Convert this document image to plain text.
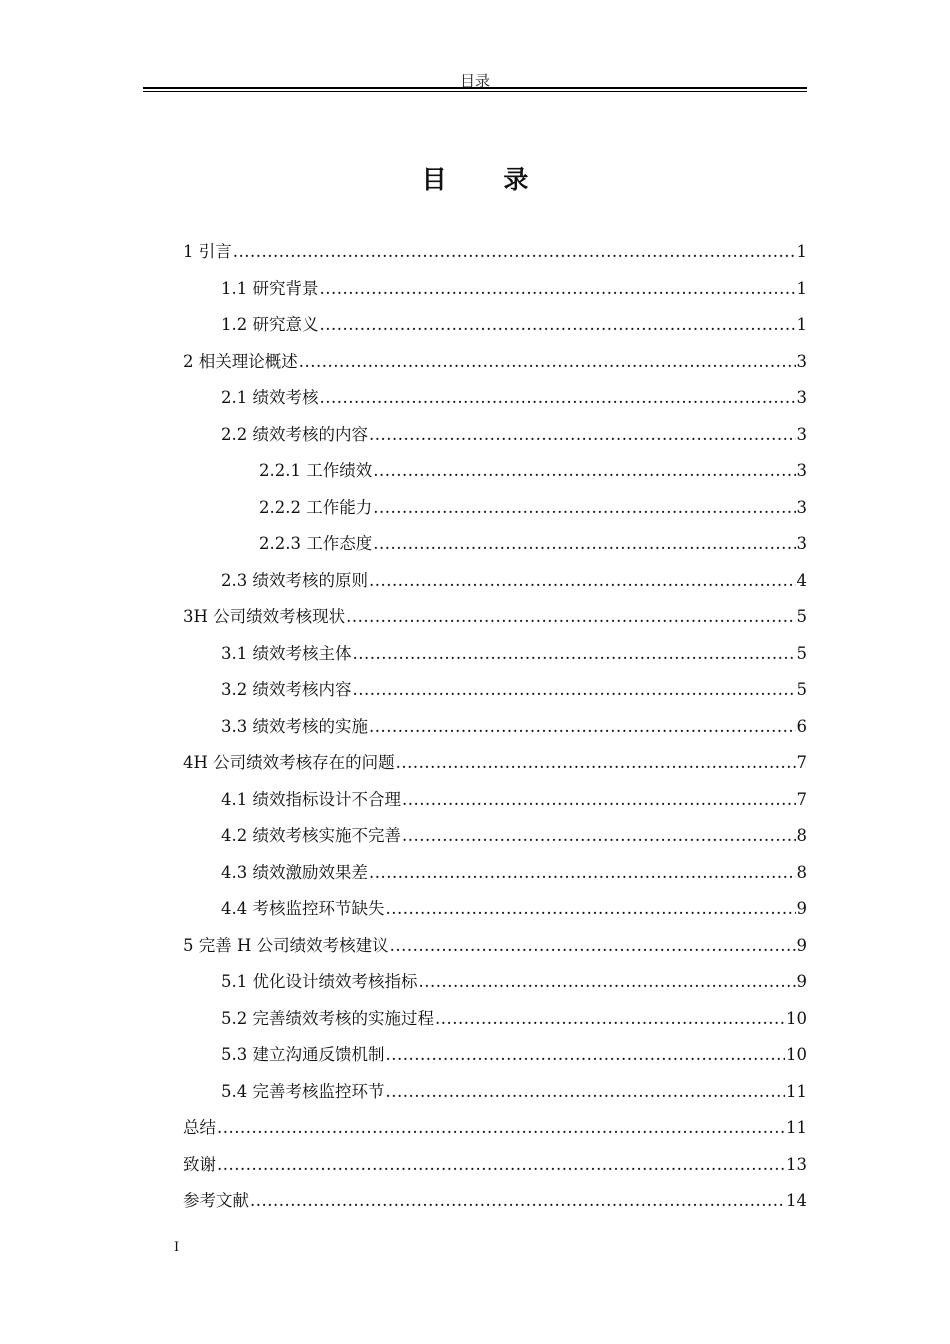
目录
目 录
1 引言 .....	1
1.1 研究背景 .....	1
1.2 研究意义 .....	1
2 相关理论概述 .....	3
2.1 绩效考核 .....	3
2.2 绩效考核的内容 .....	3
2.2.1 工作绩效 .....	3
2.2.2 工作能力 .....	3
2.2.3 工作态度 .....	3
2.3 绩效考核的原则 .....	4
3H 公司绩效考核现状 .....	5
3.1 绩效考核主体 .....	5
3.2 绩效考核内容 .....	5
3.3 绩效考核的实施 .....	6
4H 公司绩效考核存在的问题 .....	7
4.1 绩效指标设计不合理 .....	7
4.2 绩效考核实施不完善 .....	8
4.3 绩效激励效果差 .....	8
4.4 考核监控环节缺失 .....	9
5 完善 H 公司绩效考核建议 .....	9
5.1 优化设计绩效考核指标 .....	9
5.2 完善绩效考核的实施过程 .....	10
5.3 建立沟通反馈机制 .....	10
5.4 完善考核监控环节 .....	11
总结 .....	11
致谢 .....	13
参考文献 .....	14
I
